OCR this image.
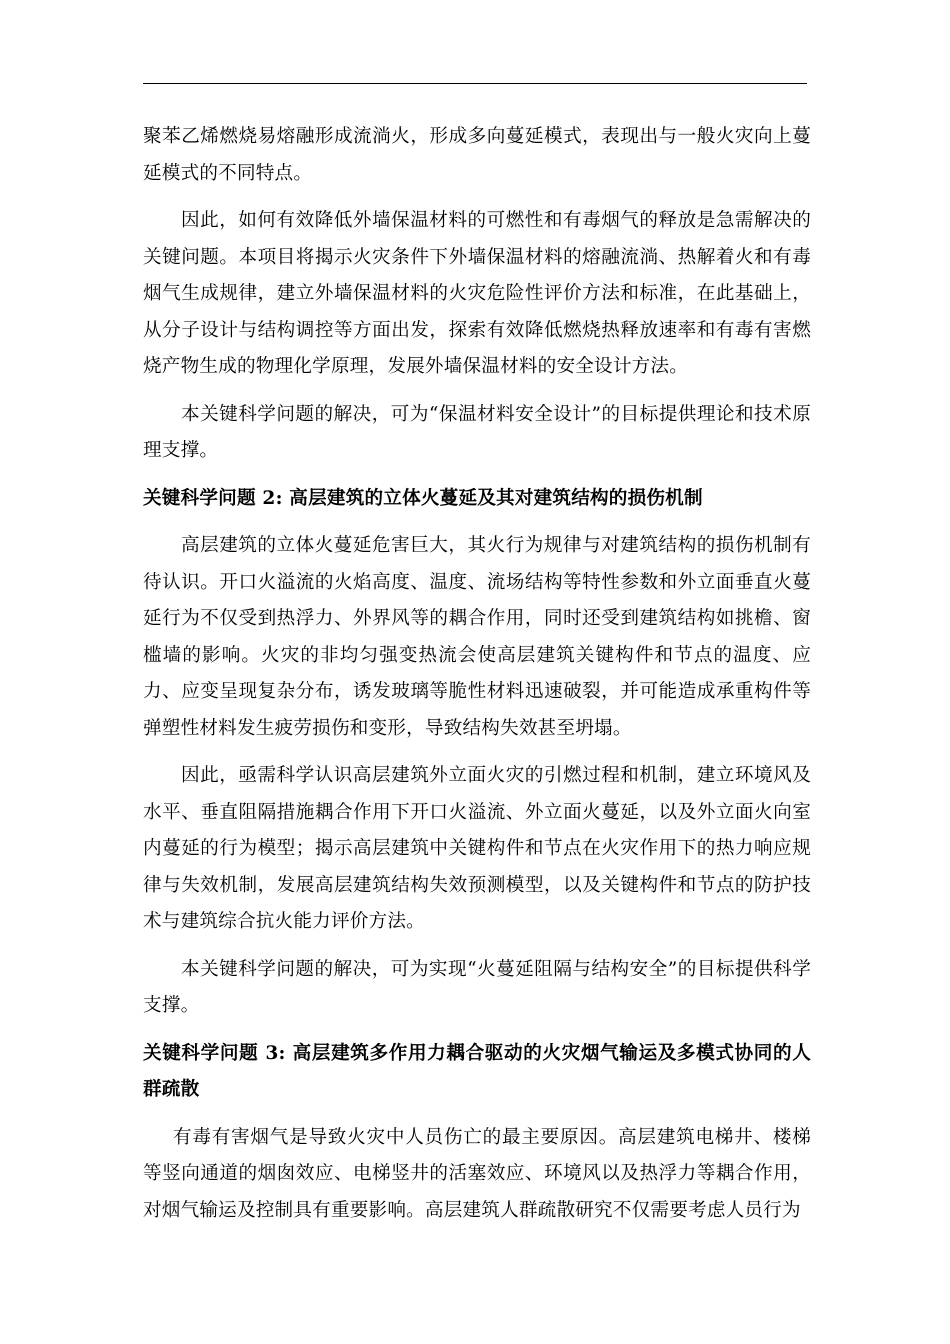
聚苯乙烯燃烧易熔融形成流淌火，形成多向蔓延模式，表现出与一般火灾向上蔓延模式的不同特点。

因此，如何有效降低外墙保温材料的可燃性和有毒烟气的释放是急需解决的关键问题。本项目将揭示火灾条件下外墙保温材料的熔融流淌、热解着火和有毒烟气生成规律，建立外墙保温材料的火灾危险性评价方法和标准，在此基础上，从分子设计与结构调控等方面出发，探索有效降低燃烧热释放速率和有毒有害燃烧产物生成的物理化学原理，发展外墙保温材料的安全设计方法。

本关键科学问题的解决，可为“保温材料安全设计”的目标提供理论和技术原理支撑。

关键科学问题 2: 高层建筑的立体火蔓延及其对建筑结构的损伤机制

高层建筑的立体火蔓延危害巨大，其火行为规律与对建筑结构的损伤机制有待认识。开口火溢流的火焰高度、温度、流场结构等特性参数和外立面垂直火蔓延行为不仅受到热浮力、外界风等的耦合作用，同时还受到建筑结构如挑檐、窗槛墙的影响。火灾的非均匀强变热流会使高层建筑关键构件和节点的温度、应力、应变呈现复杂分布，诱发玻璃等脆性材料迅速破裂，并可能造成承重构件等弹塑性材料发生疲劳损伤和变形，导致结构失效甚至坍塌。

因此，亟需科学认识高层建筑外立面火灾的引燃过程和机制，建立环境风及水平、垂直阻隔措施耦合作用下开口火溢流、外立面火蔓延，以及外立面火向室内蔓延的行为模型；揭示高层建筑中关键构件和节点在火灾作用下的热力响应规律与失效机制，发展高层建筑结构失效预测模型，以及关键构件和节点的防护技术与建筑综合抗火能力评价方法。

本关键科学问题的解决，可为实现“火蔓延阻隔与结构安全”的目标提供科学支撑。

关键科学问题 3: 高层建筑多作用力耦合驱动的火灾烟气输运及多模式协同的人群疏散

有毒有害烟气是导致火灾中人员伤亡的最主要原因。高层建筑电梯井、楼梯等竖向通道的烟囱效应、电梯竖井的活塞效应、环境风以及热浮力等耦合作用，对烟气输运及控制具有重要影响。高层建筑人群疏散研究不仅需要考虑人员行为
